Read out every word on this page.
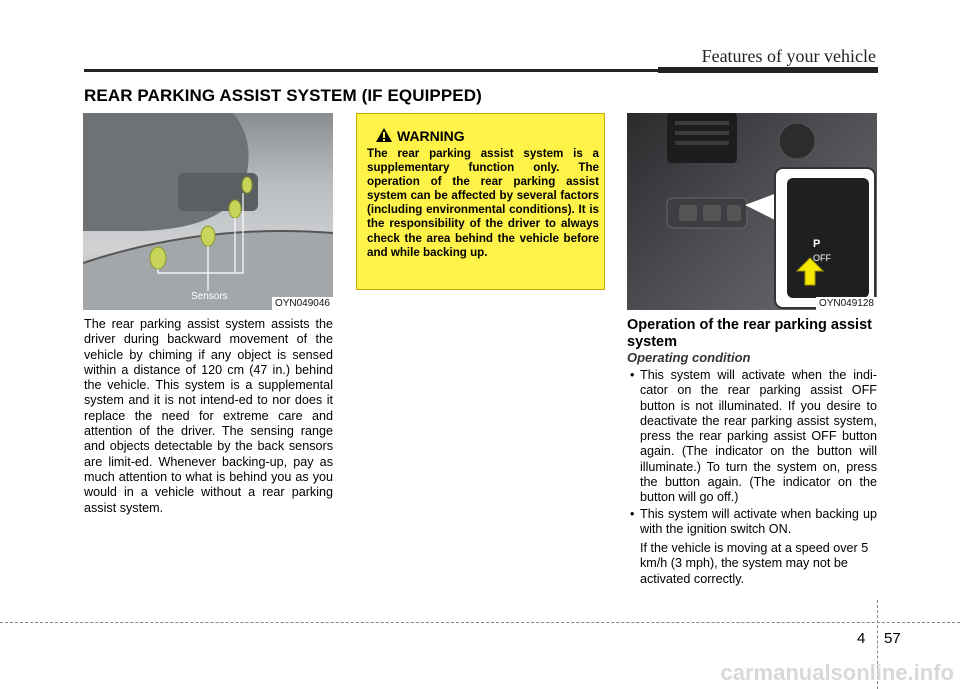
Features of your vehicle
REAR PARKING ASSIST SYSTEM (IF EQUIPPED)
Sensors
OYN049046
The rear parking assist system assists the driver during backward movement of the vehicle by chiming if any object is sensed within a distance of 120 cm (47 in.) behind the vehicle. This system is a supplemental system and it is not intend-ed to nor does it replace the need for extreme care and attention of the driver. The sensing range and objects detectable by the back sensors are limit-ed. Whenever backing-up, pay as much attention to what is behind you as you would in a vehicle without a rear parking assist system.
WARNING
The rear parking assist system is a supplementary function only. The operation of the rear parking assist system can be affected by several factors (including environmental conditions). It is the responsibility of the driver to always check the area behind the vehicle before and while backing up.
P
OFF
OYN049128
Operation of the rear parking assist system
Operating condition
• This system will activate when the indi-cator on the rear parking assist OFF button is not illuminated. If you desire to deactivate the rear parking assist system, press the rear parking assist OFF button again. (The indicator on the button will illuminate.) To turn the system on, press the button again. (The indicator on the button will go off.)
• This system will activate when backing up with the ignition switch ON.
If the vehicle is moving at a speed over 5 km/h (3 mph), the system may not be activated correctly.
4 57
carmanualsonline.info
